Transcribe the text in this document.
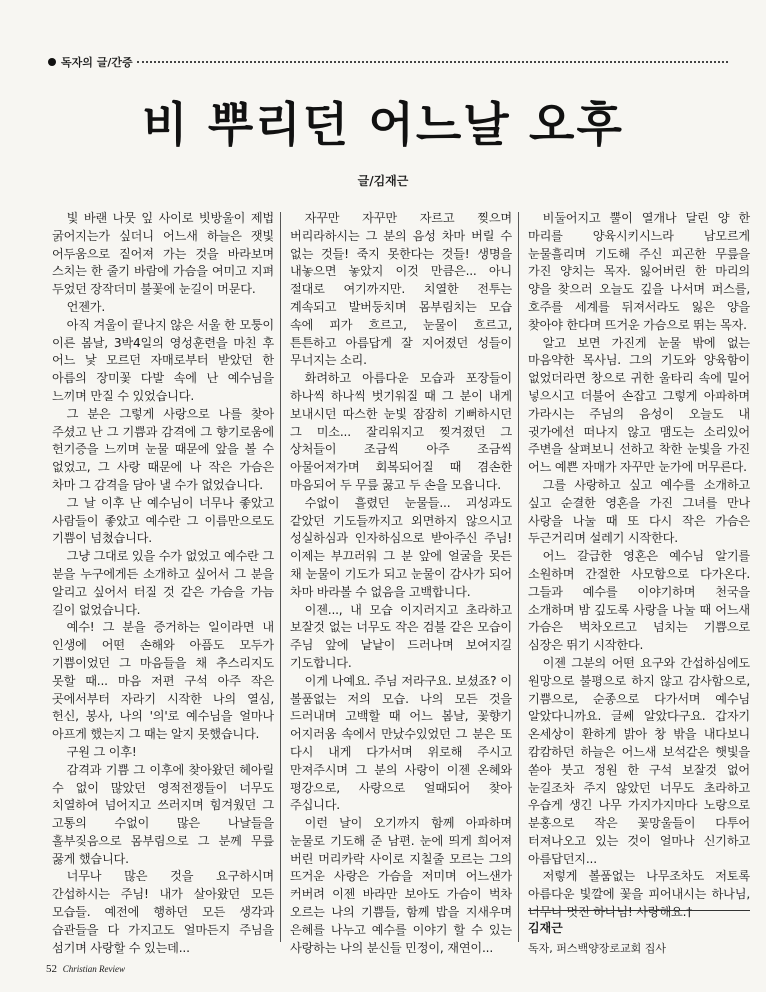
독자의 글/간증
비 뿌리던 어느날 오후
글/김재근

빛 바랜 나뭇 잎 사이로 빗방울이 제법 굵어지는가 싶더니 어느새 하늘은 잿빛 어두움으로 짙어져 가는 것을 바라보며 스치는 한 줄기 바람에 가슴을 여미고 지펴 두었던 장작더미 불꽃에 눈길이 머문다.

언젠가.

아직 겨울이 끝나지 않은 서울 한 모퉁이 이른 봄날, 3박4일의 영성훈련을 마친 후 어느 낯 모르던 자매로부터 받았던 한 아름의 장미꽃 다발 속에 난 예수님을 느끼며 만질 수 있었습니다.

그 분은 그렇게 사랑으로 나를 찾아 주셨고 난 그 기쁨과 감격에 그 향기로움에 헌기증을 느끼며 눈물 때문에 앞을 볼 수 없었고, 그 사랑 때문에 나 작은 가슴은 차마 그 감격을 담아 낼 수가 없었습니다.

그 날 이후 난 예수님이 너무나 좋았고 사람들이 좋았고 예수란 그 이름만으로도 기쁨이 넘쳤습니다.

그냥 그대로 있을 수가 없었고 예수란 그 분을 누구에게든 소개하고 싶어서 그 분을 알리고 싶어서 터질 것 같은 가슴을 가늠 길이 없었습니다.

예수! 그 분을 증거하는 일이라면 내 인생에 어떤 손해와 아픔도 모두가 기쁨이었던 그 마음들을 채 추스리지도 못할 때... 마음 저편 구석 아주 작은 곳에서부터 자라기 시작한 나의 열심, 헌신, 봉사, 나의 '의'로 예수님을 얼마나 아프게 했는지 그 때는 알지 못했습니다.

구원 그 이후!

감격과 기쁨 그 이후에 찾아왔던 헤아릴 수 없이 많았던 영적전쟁들이 너무도 치열하여 넘어지고 쓰러지며 힘겨웠던 그 고통의 수없이 많은 나날들을 홀부짖음으로 몸부림으로 그 분께 무릎 꿇게 했습니다.

너무나 많은 것을 요구하시며 간섭하시는 주님! 내가 살아왔던 모든 모습들. 예전에 행하던 모든 생각과 습관들을 다 가지고도 얼마든지 주님을 섬기며 사랑할 수 있는데...

자꾸만 자꾸만 자르고 찢으며 버리라하시는 그 분의 음성 차마 버릴 수 없는 것들! 죽지 못한다는 것들! 생명을 내놓으면 놓았지 이것 만큼은... 아니 절대로 여기까지만. 치열한 전투는 계속되고 발버둥치며 몸부림치는 모습 속에 피가 흐르고, 눈물이 흐르고, 튼튼하고 아름답게 잘 지어졌던 성들이 무너지는 소리.

화려하고 아름다운 모습과 포장들이 하나씩 하나씩 벗기워질 때 그 분이 내게 보내시던 따스한 눈빛 잠잠히 기뻐하시던 그 미소... 잘리워지고 찢겨졌던 그 상처들이 조금씩 아주 조금씩 아물어져가며 회복되어질 때 겸손한 마음되어 두 무릎 꿇고 두 손을 모읍니다.

수없이 흘렸던 눈물들... 괴성과도 같았던 기도들까지고 외면하지 않으시고 성실하심과 인자하심으로 받아주신 주님! 이제는 부끄러워 그 분 앞에 얼굴을 못든 채 눈물이 기도가 되고 눈물이 감사가 되어 차마 바라볼 수 없음을 고백합니다.

이젠..., 내 모습 이지러지고 초라하고 보잘것 없는 너무도 작은 검불 같은 모습이 주님 앞에 낱낱이 드러나며 보여지길 기도합니다.

이게 나예요. 주님 저라구요. 보셨죠? 이 볼품없는 저의 모습. 나의 모든 것을 드러내며 고백할 때 어느 봄날, 꽃향기 어지러움 속에서 만났수있었던 그 분은 또 다시 내게 다가서며 위로해 주시고 만져주시며 그 분의 사랑이 이젠 온혜와 평강으로, 사랑으로 얼때되어 찾아 주십니다.

이런 날이 오기까지 함께 아파하며 눈물로 기도해 준 남편. 눈에 띄게 희어져 버린 머리카락 사이로 지칠줄 모르는 그의 뜨거운 사랑은 가슴을 저미며 어느샌가 커버려 이젠 바라만 보아도 가슴이 벅차 오르는 나의 기쁨들, 함께 밥을 지새우며 은혜를 나누고 예수를 이야기 할 수 있는 사랑하는 나의 분신들 민정이, 재연이...

비둘어지고 뿔이 열개나 달린 양 한 마리를 양육시키시느라 남모르게 눈물흘리며 기도해 주신 피곤한 무릎을 가진 양치는 목자. 잃어버린 한 마리의 양을 찾으러 오늘도 깊을 나서며 퍼스를, 호주를 세계를 뒤져서라도 잃은 양을 찾아야 한다며 뜨거운 가슴으로 뛰는 목자.

알고 보면 가진게 눈물 밖에 없는 마음약한 목사님. 그의 기도와 양육함이 없었더라면 창으로 귀한 울타리 속에 밀어 넣으시고 더불어 손잡고 그렇게 아파하며 가라시는 주님의 음성이 오늘도 내 귓가에선 떠나지 않고 맴도는 소리있어 주변을 살펴보니 선하고 착한 눈빛을 가진 어느 예쁜 자매가 자꾸만 눈가에 머무른다.

그를 사랑하고 싶고 예수를 소개하고 싶고 순결한 영혼을 가진 그녀를 만나 사랑을 나눌 때 또 다시 작은 가슴은 두근거리며 설레기 시작한다.

어느 갈급한 영혼은 예수님 알기를 소원하며 간절한 사모함으로 다가온다. 그들과 예수를 이야기하며 천국을 소개하며 밤 깊도록 사랑을 나눌 때 어느새 가슴은 벅차오르고 넘치는 기쁨으로 심장은 뛰기 시작한다.

이젠 그분의 어떤 요구와 간섭하심에도 원망으로 불평으로 하지 않고 감사함으로, 기쁨으로, 순종으로 다가서며 예수님 알았다니까요. 글쎄 알았다구요. 갑자기 온세상이 환하게 밝아 창 밖을 내다보니 캄캄하던 하늘은 어느새 보석같은 햇빛을 쏟아 붓고 정원 한 구석 보잘것 없어 눈길조차 주지 않았던 너무도 초라하고 우습게 생긴 나무 가지가지마다 노랑으로 분홍으로 작은 꽃망울들이 다투어 터져나오고 있는 것이 얼마나 신기하고 아름답던지...

저렇게 볼품없는 나무조차도 저토록 아름다운 빛깔에 꽃을 피어내시는 하나님, 너무나 멋진 하나님! 사랑해요.†

김재근
독자, 퍼스백양장로교회 집사
52 Christian Review
